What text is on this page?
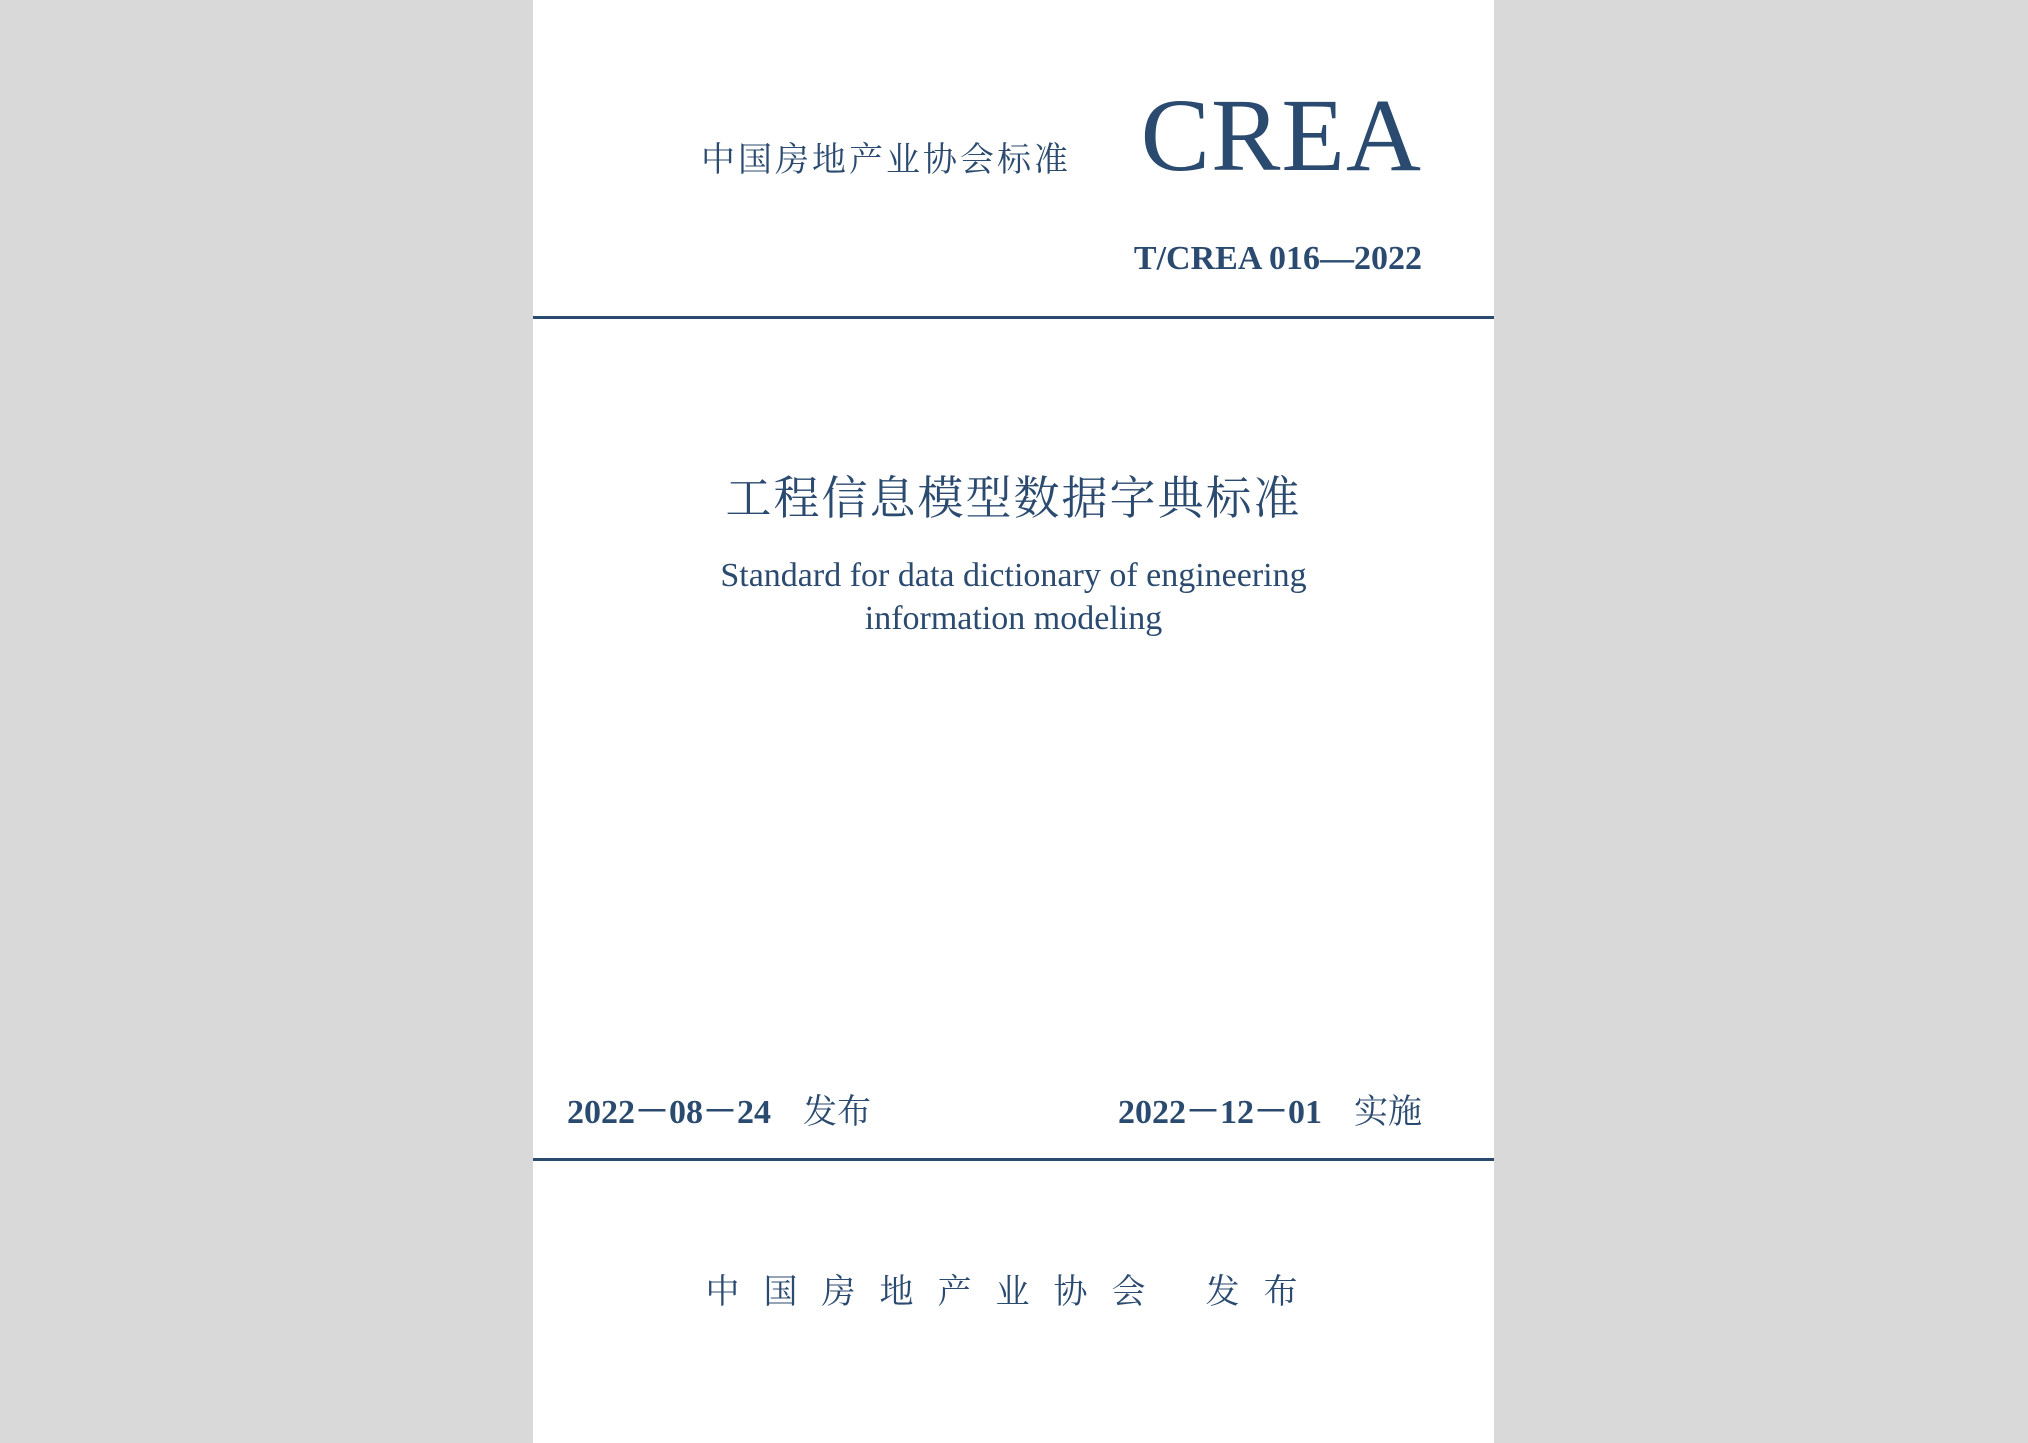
中国房地产业协会标准 CREA
T/CREA 016—2022
工程信息模型数据字典标准
Standard for data dictionary of engineering
information modeling
2022－08－24 发布	2022－12－01 实施
中国房地产业协会 发布
